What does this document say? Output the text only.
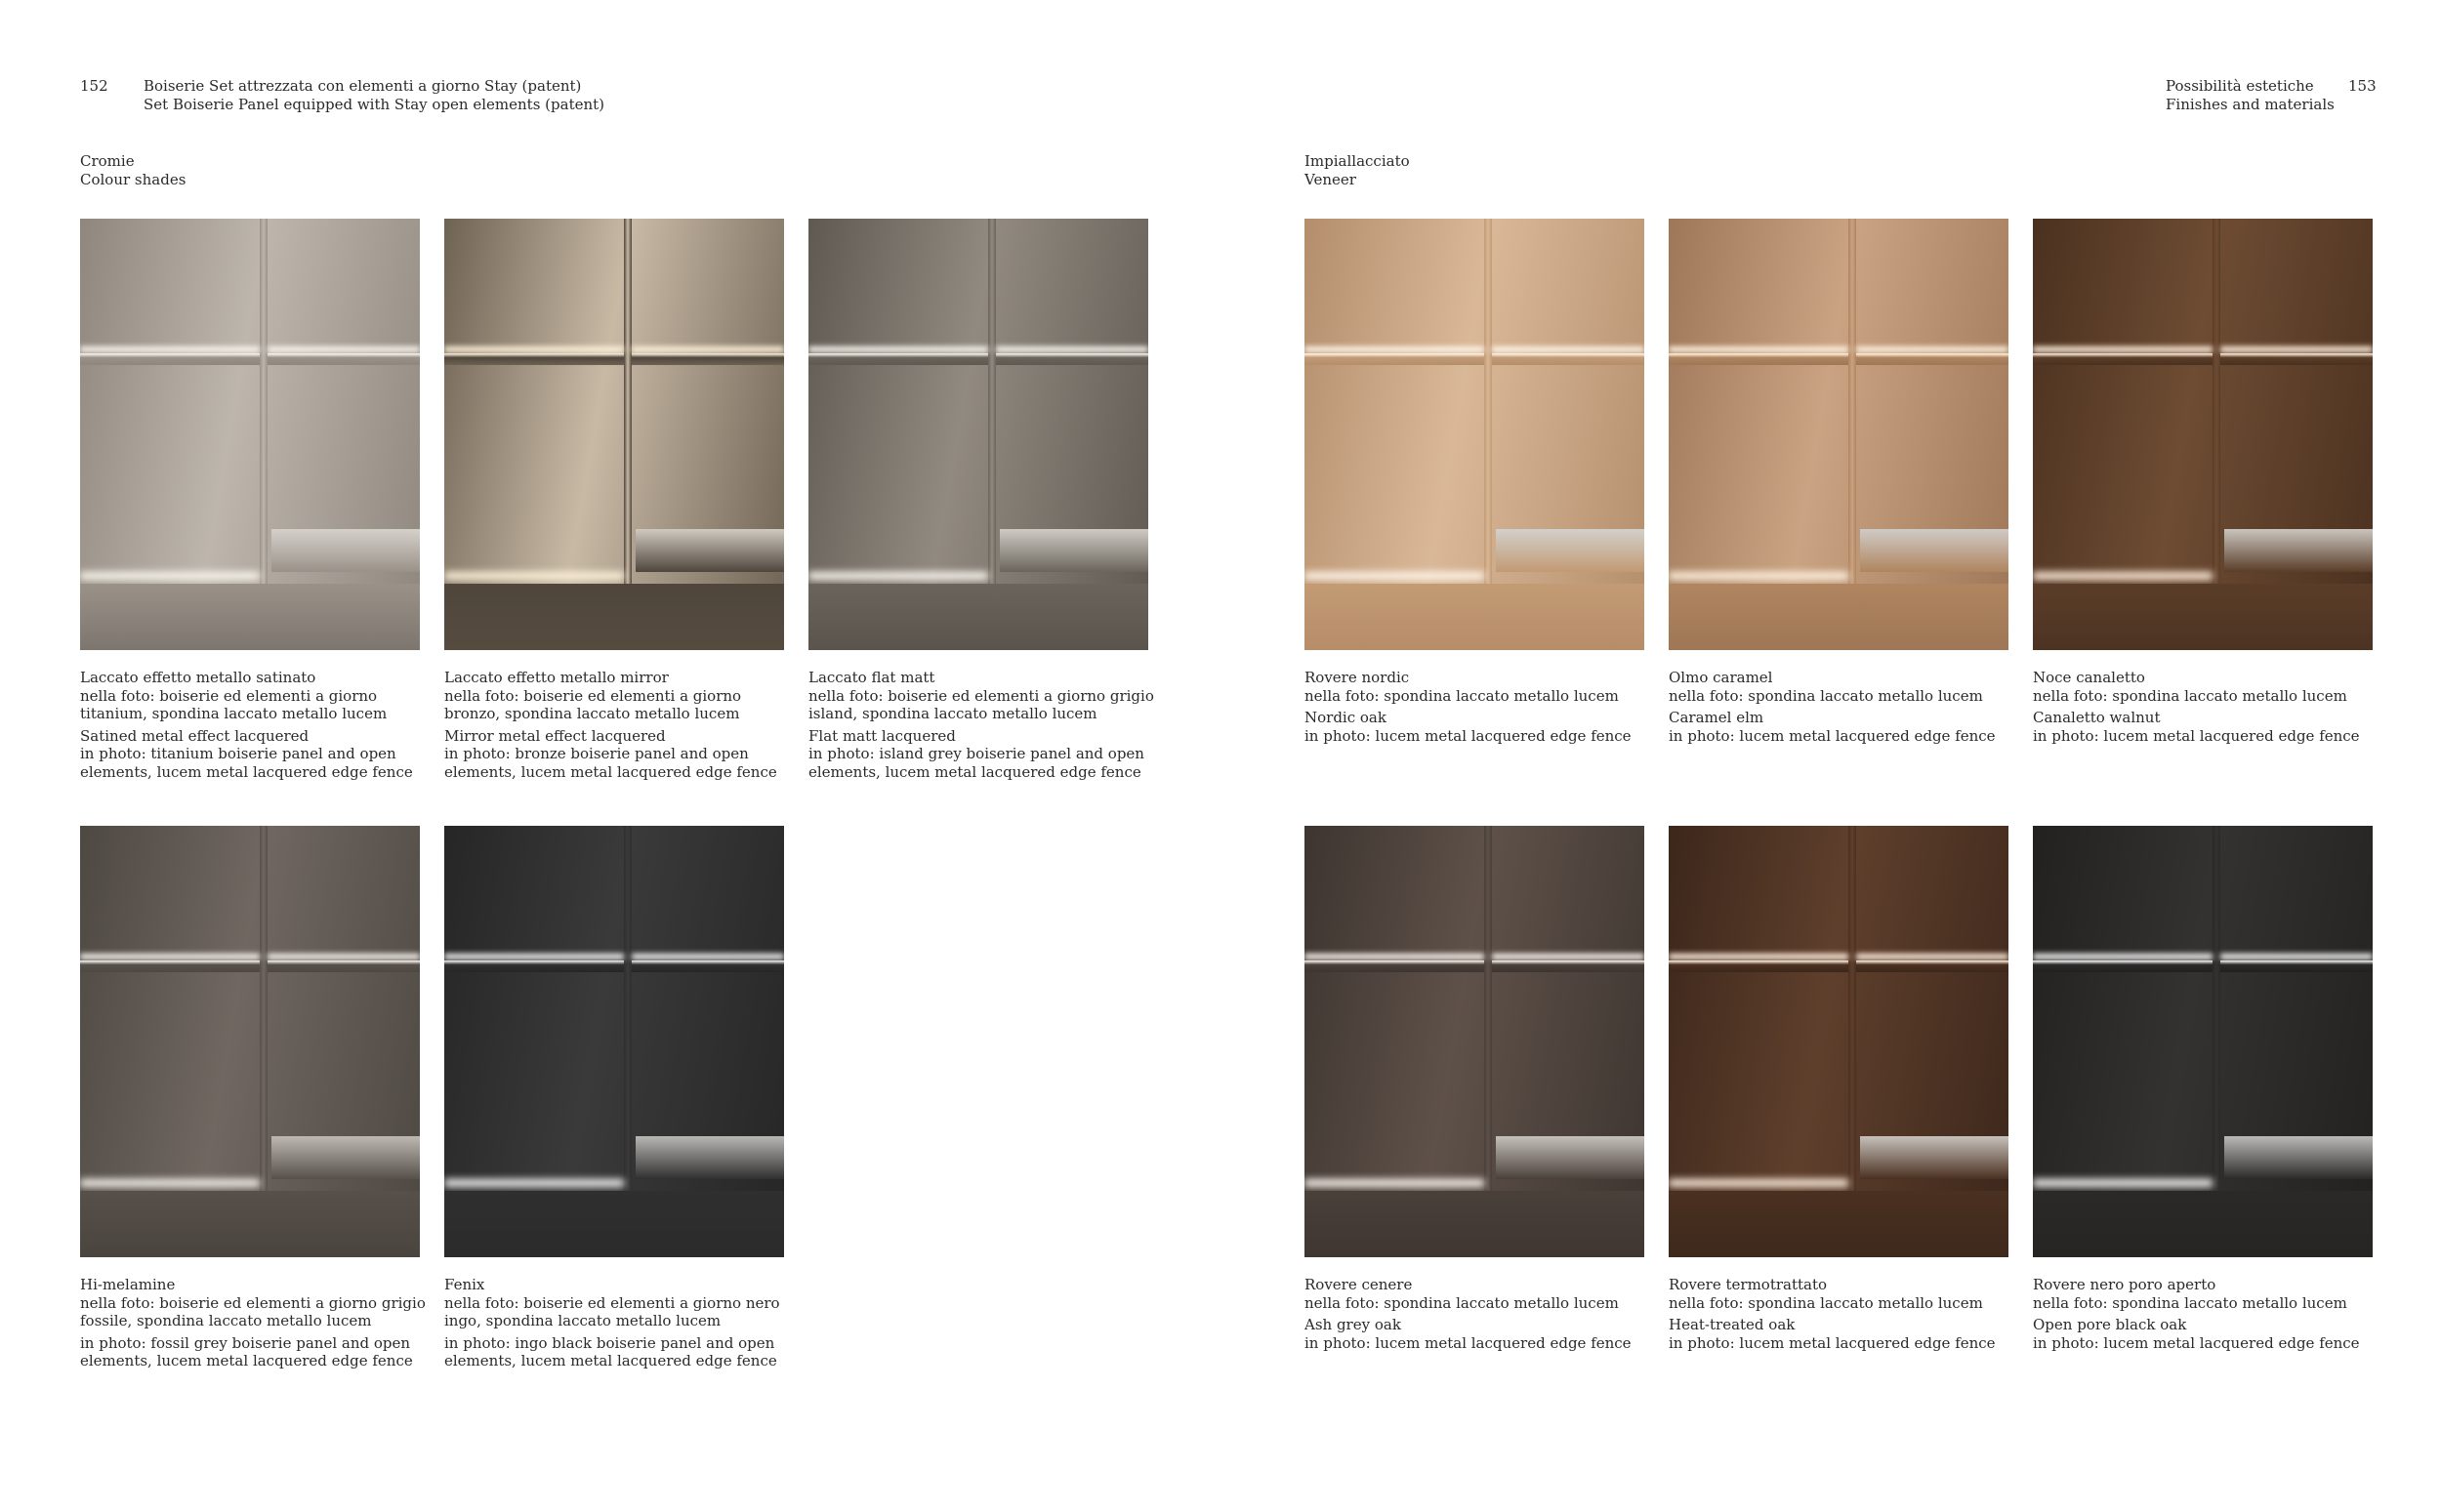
152 Boiserie Set attrezzata con elementi a giorno Stay (patent)
Set Boiserie Panel equipped with Stay open elements (patent)
Possibilità estetiche
Finishes and materials
153
Cromie
Colour shades
Impiallacciato
Veneer
Laccato effetto metallo satinato
nella foto: boiserie ed elementi a giorno titanium, spondina laccato metallo lucem
Satined metal effect lacquered
in photo: titanium boiserie panel and open elements, lucem metal lacquered edge fence
Laccato effetto metallo mirror
nella foto: boiserie ed elementi a giorno bronzo, spondina laccato metallo lucem
Mirror metal effect lacquered
in photo: bronze boiserie panel and open elements, lucem metal lacquered edge fence
Laccato flat matt
nella foto: boiserie ed elementi a giorno grigio island, spondina laccato metallo lucem
Flat matt lacquered
in photo: island grey boiserie panel and open elements, lucem metal lacquered edge fence
Rovere nordic
nella foto: spondina laccato metallo lucem
Nordic oak
in photo: lucem metal lacquered edge fence
Olmo caramel
nella foto: spondina laccato metallo lucem
Caramel elm
in photo: lucem metal lacquered edge fence
Noce canaletto
nella foto: spondina laccato metallo lucem
Canaletto walnut
in photo: lucem metal lacquered edge fence
Hi-melamine
nella foto: boiserie ed elementi a giorno grigio fossile, spondina laccato metallo lucem
in photo: fossil grey boiserie panel and open elements, lucem metal lacquered edge fence
Fenix
nella foto: boiserie ed elementi a giorno nero ingo, spondina laccato metallo lucem
in photo: ingo black boiserie panel and open elements, lucem metal lacquered edge fence
Rovere cenere
nella foto: spondina laccato metallo lucem
Ash grey oak
in photo: lucem metal lacquered edge fence
Rovere termotrattato
nella foto: spondina laccato metallo lucem
Heat-treated oak
in photo: lucem metal lacquered edge fence
Rovere nero poro aperto
nella foto: spondina laccato metallo lucem
Open pore black oak
in photo: lucem metal lacquered edge fence
